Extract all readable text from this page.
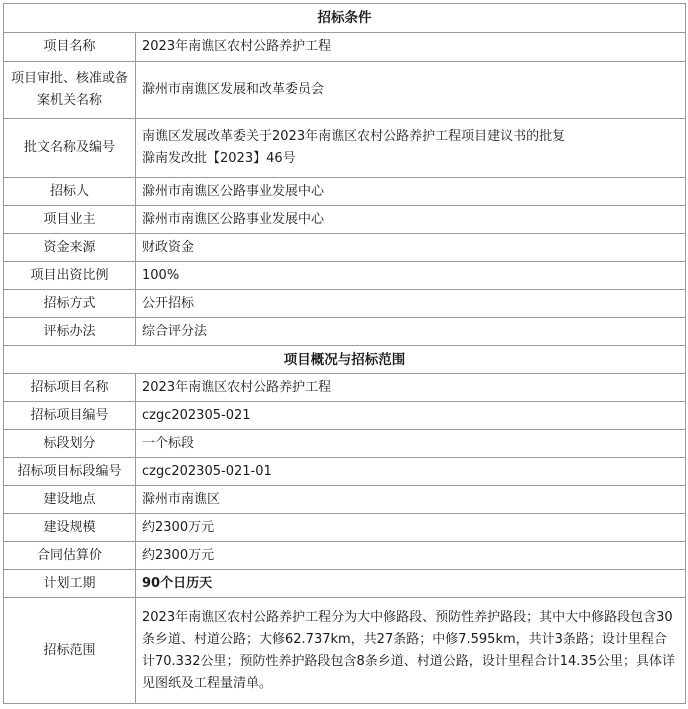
招标条件	
项目名称	2023年南谯区农村公路养护工程
项目审批、核准或备案机关名称	滁州市南谯区发展和改革委员会
批文名称及编号	南谯区发展改革委关于2023年南谯区农村公路养护工程项目建议书的批复
滁南发改批【2023】46号
招标人	滁州市南谯区公路事业发展中心
项目业主	滁州市南谯区公路事业发展中心
资金来源	财政资金
项目出资比例	100%
招标方式	公开招标
评标办法	综合评分法
项目概况与招标范围	
招标项目名称	2023年南谯区农村公路养护工程
招标项目编号	czgc202305-021
标段划分	一个标段
招标项目标段编号	czgc202305-021-01
建设地点	滁州市南谯区
建设规模	约2300万元
合同估算价	约2300万元
计划工期	90个日历天
招标范围	2023年南谯区农村公路养护工程分为大中修路段、预防性养护路段；其中大中修路段包含30条乡道、村道公路；大修62.737km，共27条路；中修7.595km，共计3条路；设计里程合计70.332公里；预防性养护路段包含8条乡道、村道公路，设计里程合计14.35公里；具体详见图纸及工程量清单。
